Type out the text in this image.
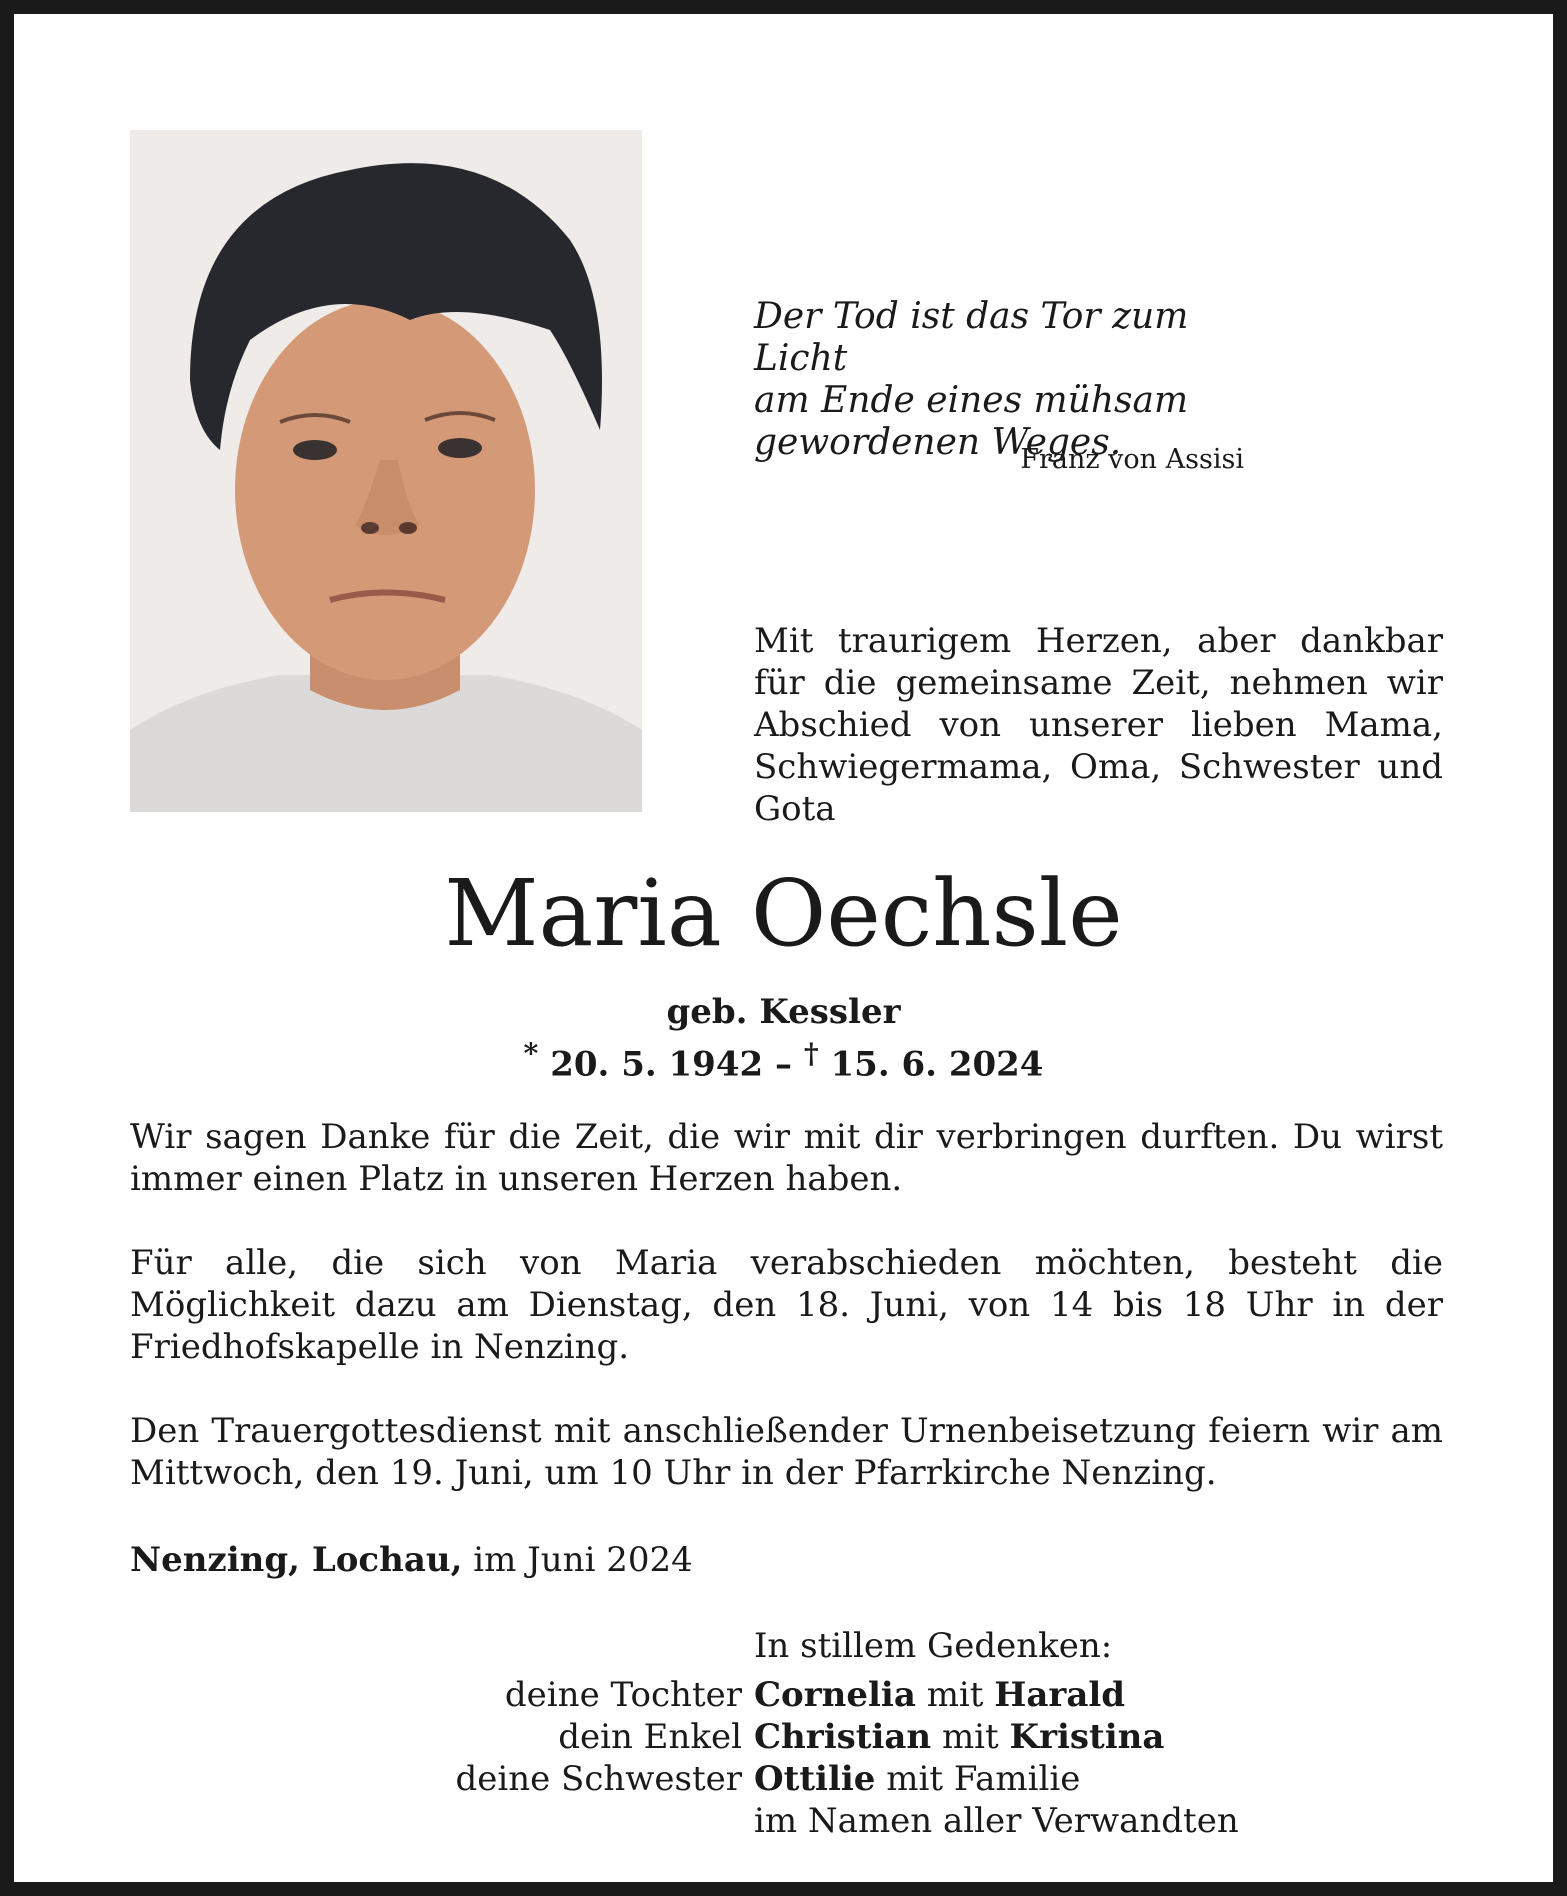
Der Tod ist das Tor zum Licht
am Ende eines mühsam
gewordenen Weges.
Franz von Assisi
Mit traurigem Herzen, aber dankbar für die gemeinsame Zeit, nehmen wir Abschied von unserer lieben Mama, Schwiegermama, Oma, Schwester und Gota
Maria Oechsle
geb. Kessler
* 20. 5. 1942 – † 15. 6. 2024
Wir sagen Danke für die Zeit, die wir mit dir verbringen durften. Du wirst immer einen Platz in unseren Herzen haben.
Für alle, die sich von Maria verabschieden möchten, besteht die Möglichkeit dazu am Dienstag, den 18. Juni, von 14 bis 18 Uhr in der Friedhofskapelle in Nenzing.
Den Trauergottesdienst mit anschließender Urnenbeisetzung feiern wir am Mittwoch, den 19. Juni, um 10 Uhr in der Pfarrkirche Nenzing.
Nenzing, Lochau, im Juni 2024
In stillem Gedenken:
deine Tochter Cornelia mit Harald
dein Enkel Christian mit Kristina
deine Schwester Ottilie mit Familie
im Namen aller Verwandten
